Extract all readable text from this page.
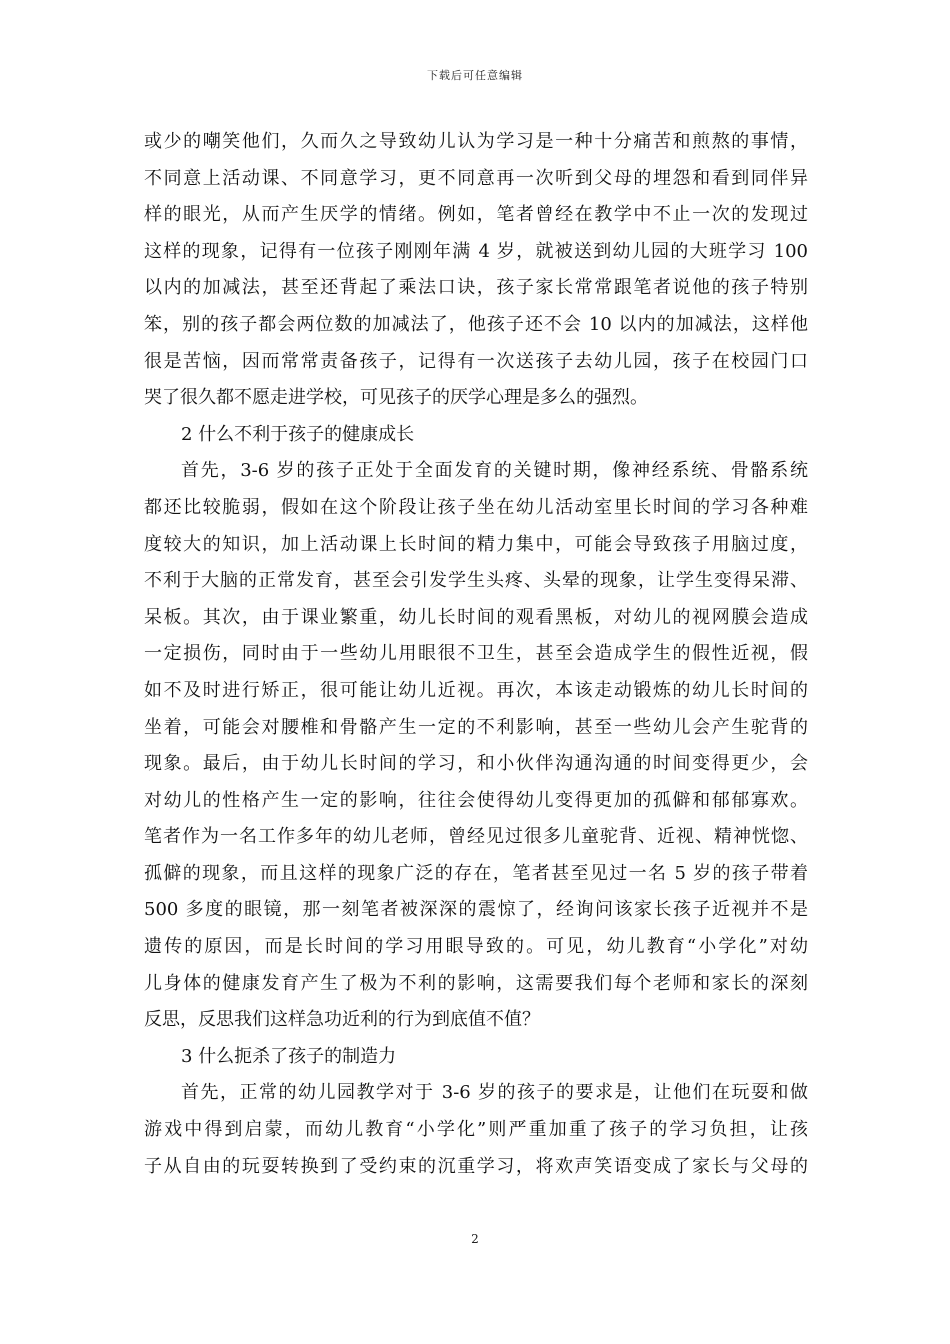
下载后可任意编辑
或少的嘲笑他们，久而久之导致幼儿认为学习是一种十分痛苦和煎熬的事情，
不同意上活动课、不同意学习，更不同意再一次听到父母的埋怨和看到同伴异
样的眼光，从而产生厌学的情绪。例如，笔者曾经在教学中不止一次的发现过
这样的现象，记得有一位孩子刚刚年满 4 岁，就被送到幼儿园的大班学习 100
以内的加减法，甚至还背起了乘法口诀，孩子家长常常跟笔者说他的孩子特别
笨，别的孩子都会两位数的加减法了，他孩子还不会 10 以内的加减法，这样他
很是苦恼，因而常常责备孩子，记得有一次送孩子去幼儿园，孩子在校园门口
哭了很久都不愿走进学校，可见孩子的厌学心理是多么的强烈。
2 什么不利于孩子的健康成长
首先，3-6 岁的孩子正处于全面发育的关键时期，像神经系统、骨骼系统
都还比较脆弱，假如在这个阶段让孩子坐在幼儿活动室里长时间的学习各种难
度较大的知识，加上活动课上长时间的精力集中，可能会导致孩子用脑过度，
不利于大脑的正常发育，甚至会引发学生头疼、头晕的现象，让学生变得呆滞、
呆板。其次，由于课业繁重，幼儿长时间的观看黑板，对幼儿的视网膜会造成
一定损伤，同时由于一些幼儿用眼很不卫生，甚至会造成学生的假性近视，假
如不及时进行矫正，很可能让幼儿近视。再次，本该走动锻炼的幼儿长时间的
坐着，可能会对腰椎和骨骼产生一定的不利影响，甚至一些幼儿会产生驼背的
现象。最后，由于幼儿长时间的学习，和小伙伴沟通沟通的时间变得更少，会
对幼儿的性格产生一定的影响，往往会使得幼儿变得更加的孤僻和郁郁寡欢。
笔者作为一名工作多年的幼儿老师，曾经见过很多儿童驼背、近视、精神恍惚、
孤僻的现象，而且这样的现象广泛的存在，笔者甚至见过一名 5 岁的孩子带着
500 多度的眼镜，那一刻笔者被深深的震惊了，经询问该家长孩子近视并不是
遗传的原因，而是长时间的学习用眼导致的。可见，幼儿教育“小学化”对幼
儿身体的健康发育产生了极为不利的影响，这需要我们每个老师和家长的深刻
反思，反思我们这样急功近利的行为到底值不值？
3 什么扼杀了孩子的制造力
首先，正常的幼儿园教学对于 3-6 岁的孩子的要求是，让他们在玩耍和做
游戏中得到启蒙，而幼儿教育“小学化”则严重加重了孩子的学习负担，让孩
子从自由的玩耍转换到了受约束的沉重学习，将欢声笑语变成了家长与父母的
2
